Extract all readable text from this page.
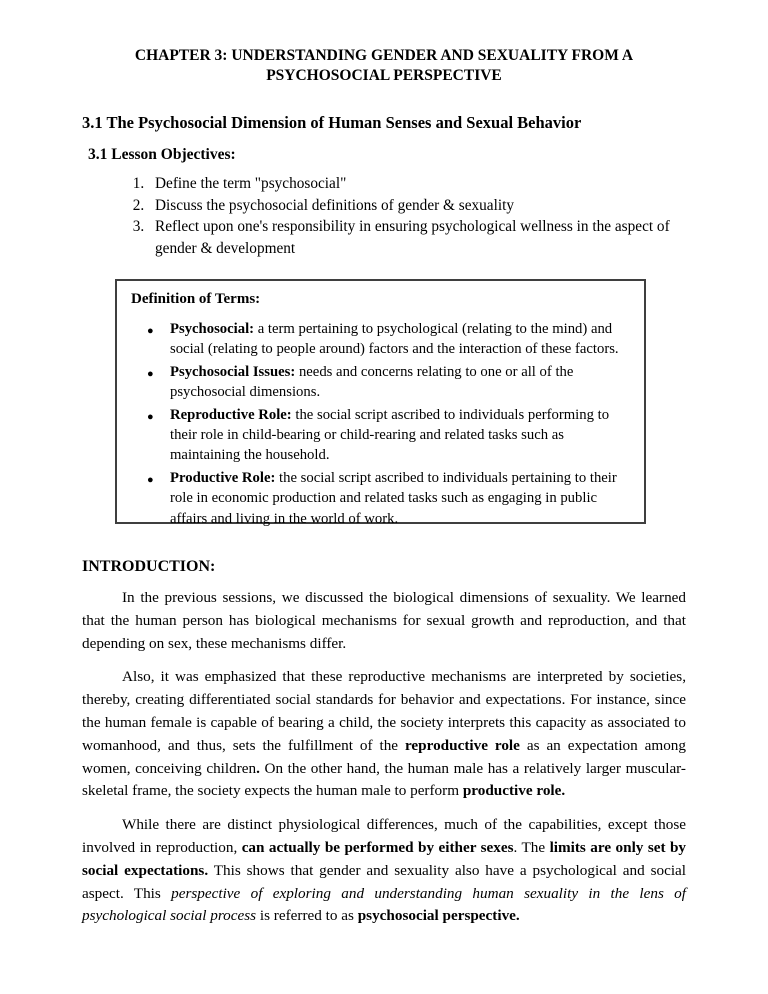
CHAPTER 3: UNDERSTANDING GENDER AND SEXUALITY FROM A
PSYCHOSOCIAL PERSPECTIVE
3.1 The Psychosocial Dimension of Human Senses and Sexual Behavior
3.1 Lesson Objectives:
1. Define the term "psychosocial"
2. Discuss the psychosocial definitions of gender & sexuality
3. Reflect upon one's responsibility in ensuring psychological wellness in the aspect of gender & development
Definition of Terms:
● Psychosocial: a term pertaining to psychological (relating to the mind) and social (relating to people around) factors and the interaction of these factors.
● Psychosocial Issues: needs and concerns relating to one or all of the psychosocial dimensions.
● Reproductive Role: the social script ascribed to individuals performing to their role in child-bearing or child-rearing and related tasks such as maintaining the household.
● Productive Role: the social script ascribed to individuals pertaining to their role in economic production and related tasks such as engaging in public affairs and living in the world of work.
INTRODUCTION:

In the previous sessions, we discussed the biological dimensions of sexuality. We learned that the human person has biological mechanisms for sexual growth and reproduction, and that depending on sex, these mechanisms differ.

Also, it was emphasized that these reproductive mechanisms are interpreted by societies, thereby, creating differentiated social standards for behavior and expectations. For instance, since the human female is capable of bearing a child, the society interprets this capacity as associated to womanhood, and thus, sets the fulfillment of the reproductive role as an expectation among women, conceiving children. On the other hand, the human male has a relatively larger muscular-skeletal frame, the society expects the human male to perform productive role.

While there are distinct physiological differences, much of the capabilities, except those involved in reproduction, can actually be performed by either sexes. The limits are only set by social expectations. This shows that gender and sexuality also have a psychological and social aspect. This perspective of exploring and understanding human sexuality in the lens of psychological social process is referred to as psychosocial perspective.
